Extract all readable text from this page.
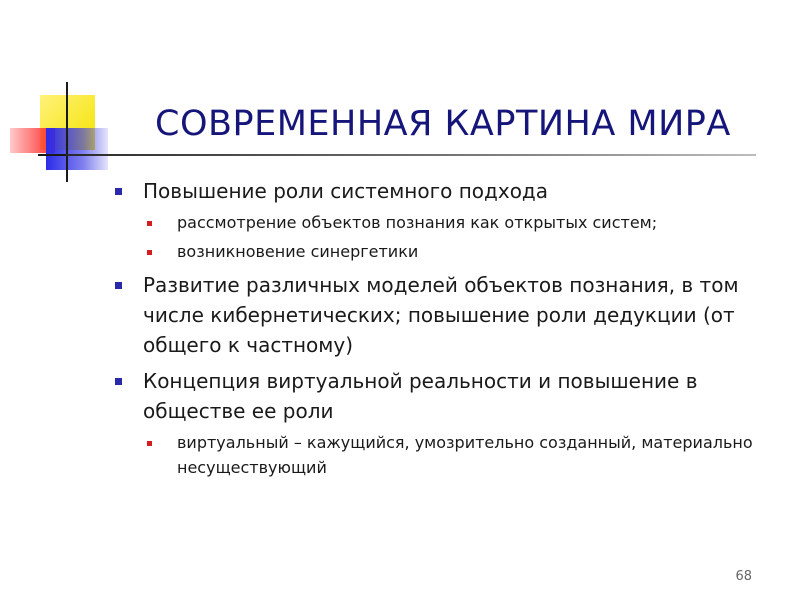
СОВРЕМЕННАЯ КАРТИНА МИРА
Повышение роли системного подхода
рассмотрение объектов познания как открытых систем;
возникновение синергетики
Развитие различных моделей объектов познания, в том числе кибернетических; повышение роли дедукции (от общего к частному)
Концепция виртуальной реальности и повышение в обществе ее роли
виртуальный – кажущийся, умозрительно созданный, материально несуществующий
68
